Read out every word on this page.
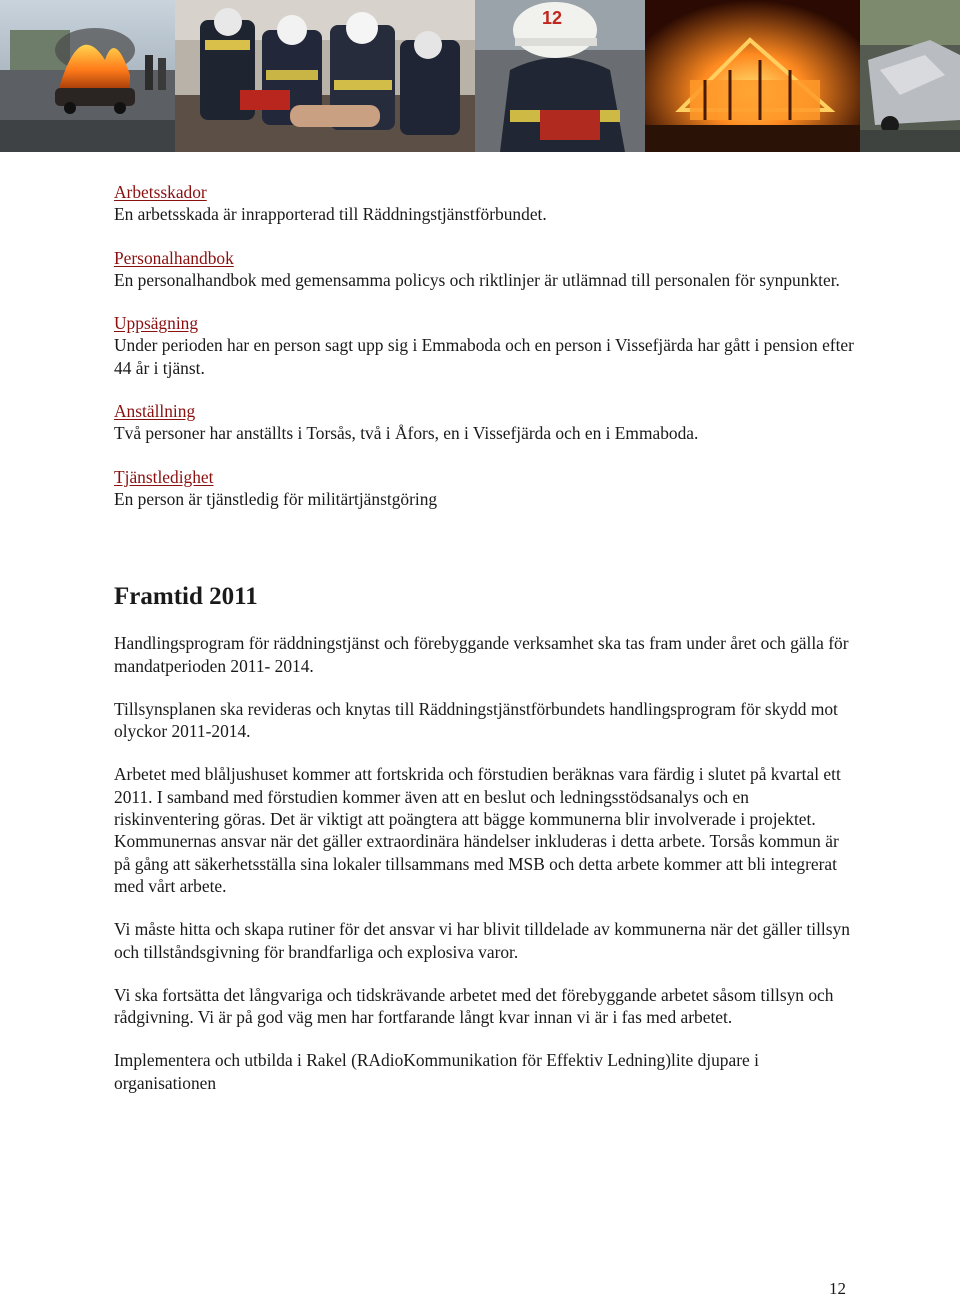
12
Arbetsskador
En arbetsskada är inrapporterad till Räddningstjänstförbundet.
Personalhandbok
En personalhandbok med gemensamma policys och riktlinjer är utlämnad till personalen för synpunkter.
Uppsägning
Under perioden har en person sagt upp sig i Emmaboda och en person i Vissefjärda har gått i pension efter 44 år i tjänst.
Anställning
Två personer har anställts i Torsås, två i Åfors, en i Vissefjärda och en i Emmaboda.
Tjänstledighet
En person är tjänstledig för militärtjänstgöring
Framtid 2011

Handlingsprogram för räddningstjänst och förebyggande verksamhet ska tas fram under året och gälla för mandatperioden 2011- 2014.

Tillsynsplanen ska revideras och knytas till Räddningstjänstförbundets handlingsprogram för skydd mot olyckor 2011-2014.

Arbetet med blåljushuset kommer att fortskrida och förstudien beräknas vara färdig i slutet på kvartal ett 2011. I samband med förstudien kommer även att en beslut och ledningsstödsanalys och en riskinventering göras. Det är viktigt att poängtera att bägge kommunerna blir involverade i projektet. Kommunernas ansvar när det gäller extraordinära händelser inkluderas i detta arbete. Torsås kommun är på gång att säkerhetsställa sina lokaler tillsammans med MSB och detta arbete kommer att bli integrerat med vårt arbete.

Vi måste hitta och skapa rutiner för det ansvar vi har blivit tilldelade av kommunerna när det gäller tillsyn och tillståndsgivning för brandfarliga och explosiva varor.

Vi ska fortsätta det långvariga och tidskrävande arbetet med det förebyggande arbetet såsom tillsyn och rådgivning. Vi är på god väg men har fortfarande långt kvar innan vi är i fas med arbetet.

Implementera och utbilda i Rakel (RAdioKommunikation för Effektiv Ledning)lite djupare i organisationen

12
